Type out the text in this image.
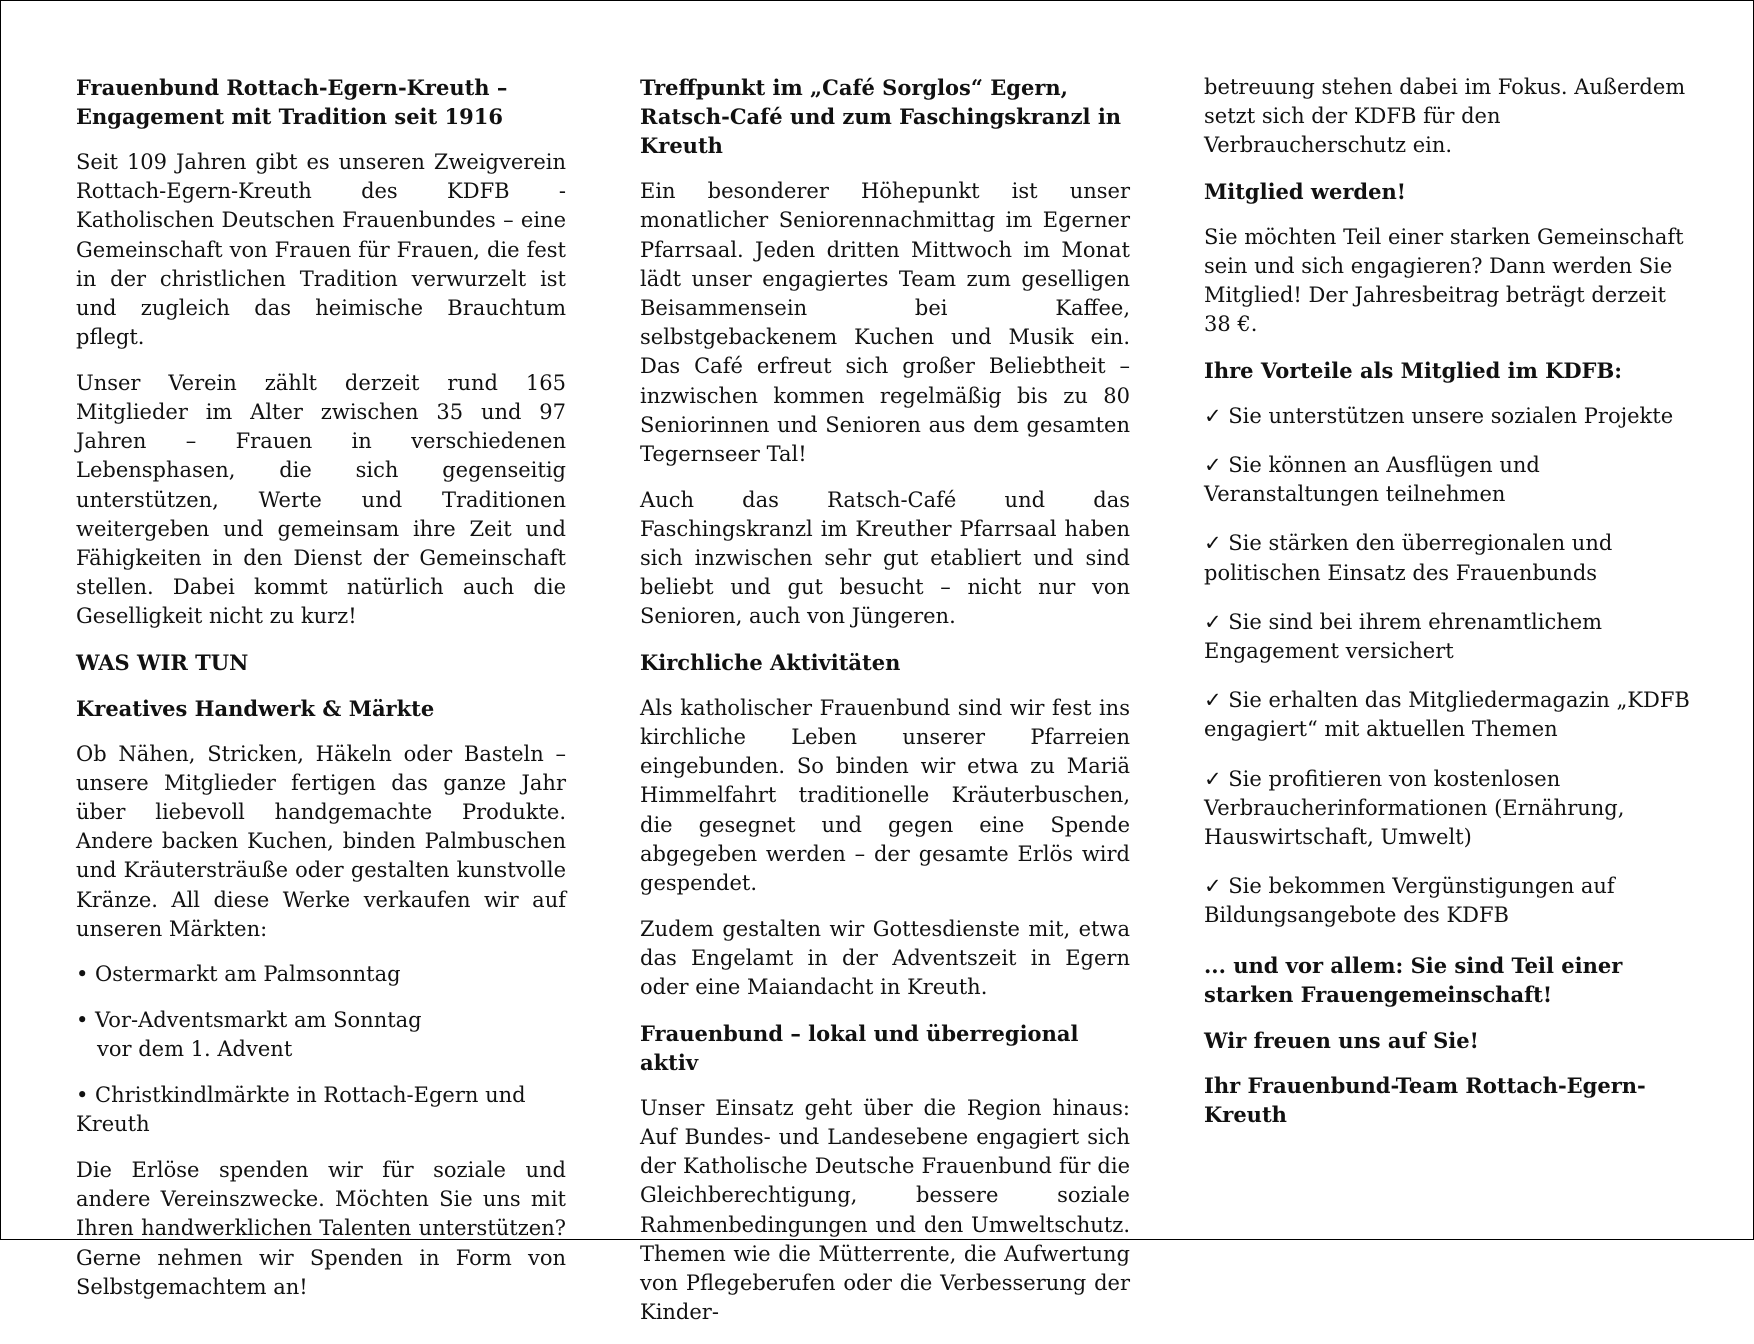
Frauenbund Rottach-Egern-Kreuth – Engagement mit Tradition seit 1916

Seit 109 Jahren gibt es unseren Zweigverein Rottach-Egern-Kreuth des KDFB - Katholischen Deutschen Frauenbundes – eine Gemeinschaft von Frauen für Frauen, die fest in der christlichen Tradition verwurzelt ist und zugleich das heimische Brauchtum pflegt.

Unser Verein zählt derzeit rund 165 Mitglieder im Alter zwischen 35 und 97 Jahren – Frauen in verschiedenen Lebensphasen, die sich gegenseitig unterstützen, Werte und Traditionen weitergeben und gemeinsam ihre Zeit und Fähigkeiten in den Dienst der Gemeinschaft stellen. Dabei kommt natürlich auch die Geselligkeit nicht zu kurz!

WAS WIR TUN
Kreatives Handwerk & Märkte

Ob Nähen, Stricken, Häkeln oder Basteln – unsere Mitglieder fertigen das ganze Jahr über liebevoll handgemachte Produkte. Andere backen Kuchen, binden Palmbuschen und Kräutersträuße oder gestalten kunstvolle Kränze. All diese Werke verkaufen wir auf unseren Märkten:

• Ostermarkt am Palmsonntag
• Vor-Adventsmarkt am Sonntag
vor dem 1. Advent
• Christkindlmärkte in Rottach-Egern und Kreuth

Die Erlöse spenden wir für soziale und andere Vereinszwecke. Möchten Sie uns mit Ihren handwerklichen Talenten unterstützen? Gerne nehmen wir Spenden in Form von Selbstgemachtem an!

Treffpunkt im „Café Sorglos“ Egern, Ratsch-Café und zum Faschingskranzl in Kreuth

Ein besonderer Höhepunkt ist unser monatlicher Seniorennachmittag im Egerner Pfarrsaal. Jeden dritten Mittwoch im Monat lädt unser engagiertes Team zum geselligen Beisammensein bei Kaffee, selbstgebackenem Kuchen und Musik ein. Das Café erfreut sich großer Beliebtheit – inzwischen kommen regelmäßig bis zu 80 Seniorinnen und Senioren aus dem gesamten Tegernseer Tal!

Auch das Ratsch-Café und das Faschingskranzl im Kreuther Pfarrsaal haben sich inzwischen sehr gut etabliert und sind beliebt und gut besucht – nicht nur von Senioren, auch von Jüngeren.

Kirchliche Aktivitäten

Als katholischer Frauenbund sind wir fest ins kirchliche Leben unserer Pfarreien eingebunden. So binden wir etwa zu Mariä Himmelfahrt traditionelle Kräuterbuschen, die gesegnet und gegen eine Spende abgegeben werden – der gesamte Erlös wird gespendet.

Zudem gestalten wir Gottesdienste mit, etwa das Engelamt in der Adventszeit in Egern oder eine Maiandacht in Kreuth.

Frauenbund – lokal und überregional aktiv

Unser Einsatz geht über die Region hinaus: Auf Bundes- und Landesebene engagiert sich der Katholische Deutsche Frauenbund für die Gleichberechtigung, bessere soziale Rahmenbedingungen und den Umweltschutz. Themen wie die Mütterrente, die Aufwertung von Pflegeberufen oder die Verbesserung der Kinder-

betreuung stehen dabei im Fokus. Außerdem setzt sich der KDFB für den Verbraucherschutz ein.

Mitglied werden!

Sie möchten Teil einer starken Gemeinschaft sein und sich engagieren? Dann werden Sie Mitglied! Der Jahresbeitrag beträgt derzeit 38 €.

Ihre Vorteile als Mitglied im KDFB:
✓ Sie unterstützen unsere sozialen Projekte
✓ Sie können an Ausflügen und Veranstaltungen teilnehmen
✓ Sie stärken den überregionalen und politischen Einsatz des Frauenbunds
✓ Sie sind bei ihrem ehrenamtlichem Engagement versichert
✓ Sie erhalten das Mitgliedermagazin „KDFB engagiert“ mit aktuellen Themen
✓ Sie profitieren von kostenlosen Verbraucherinformationen (Ernährung, Hauswirtschaft, Umwelt)
✓ Sie bekommen Vergünstigungen auf Bildungsangebote des KDFB
... und vor allem: Sie sind Teil einer starken Frauengemeinschaft!
Wir freuen uns auf Sie!
Ihr Frauenbund-Team Rottach-Egern-Kreuth
